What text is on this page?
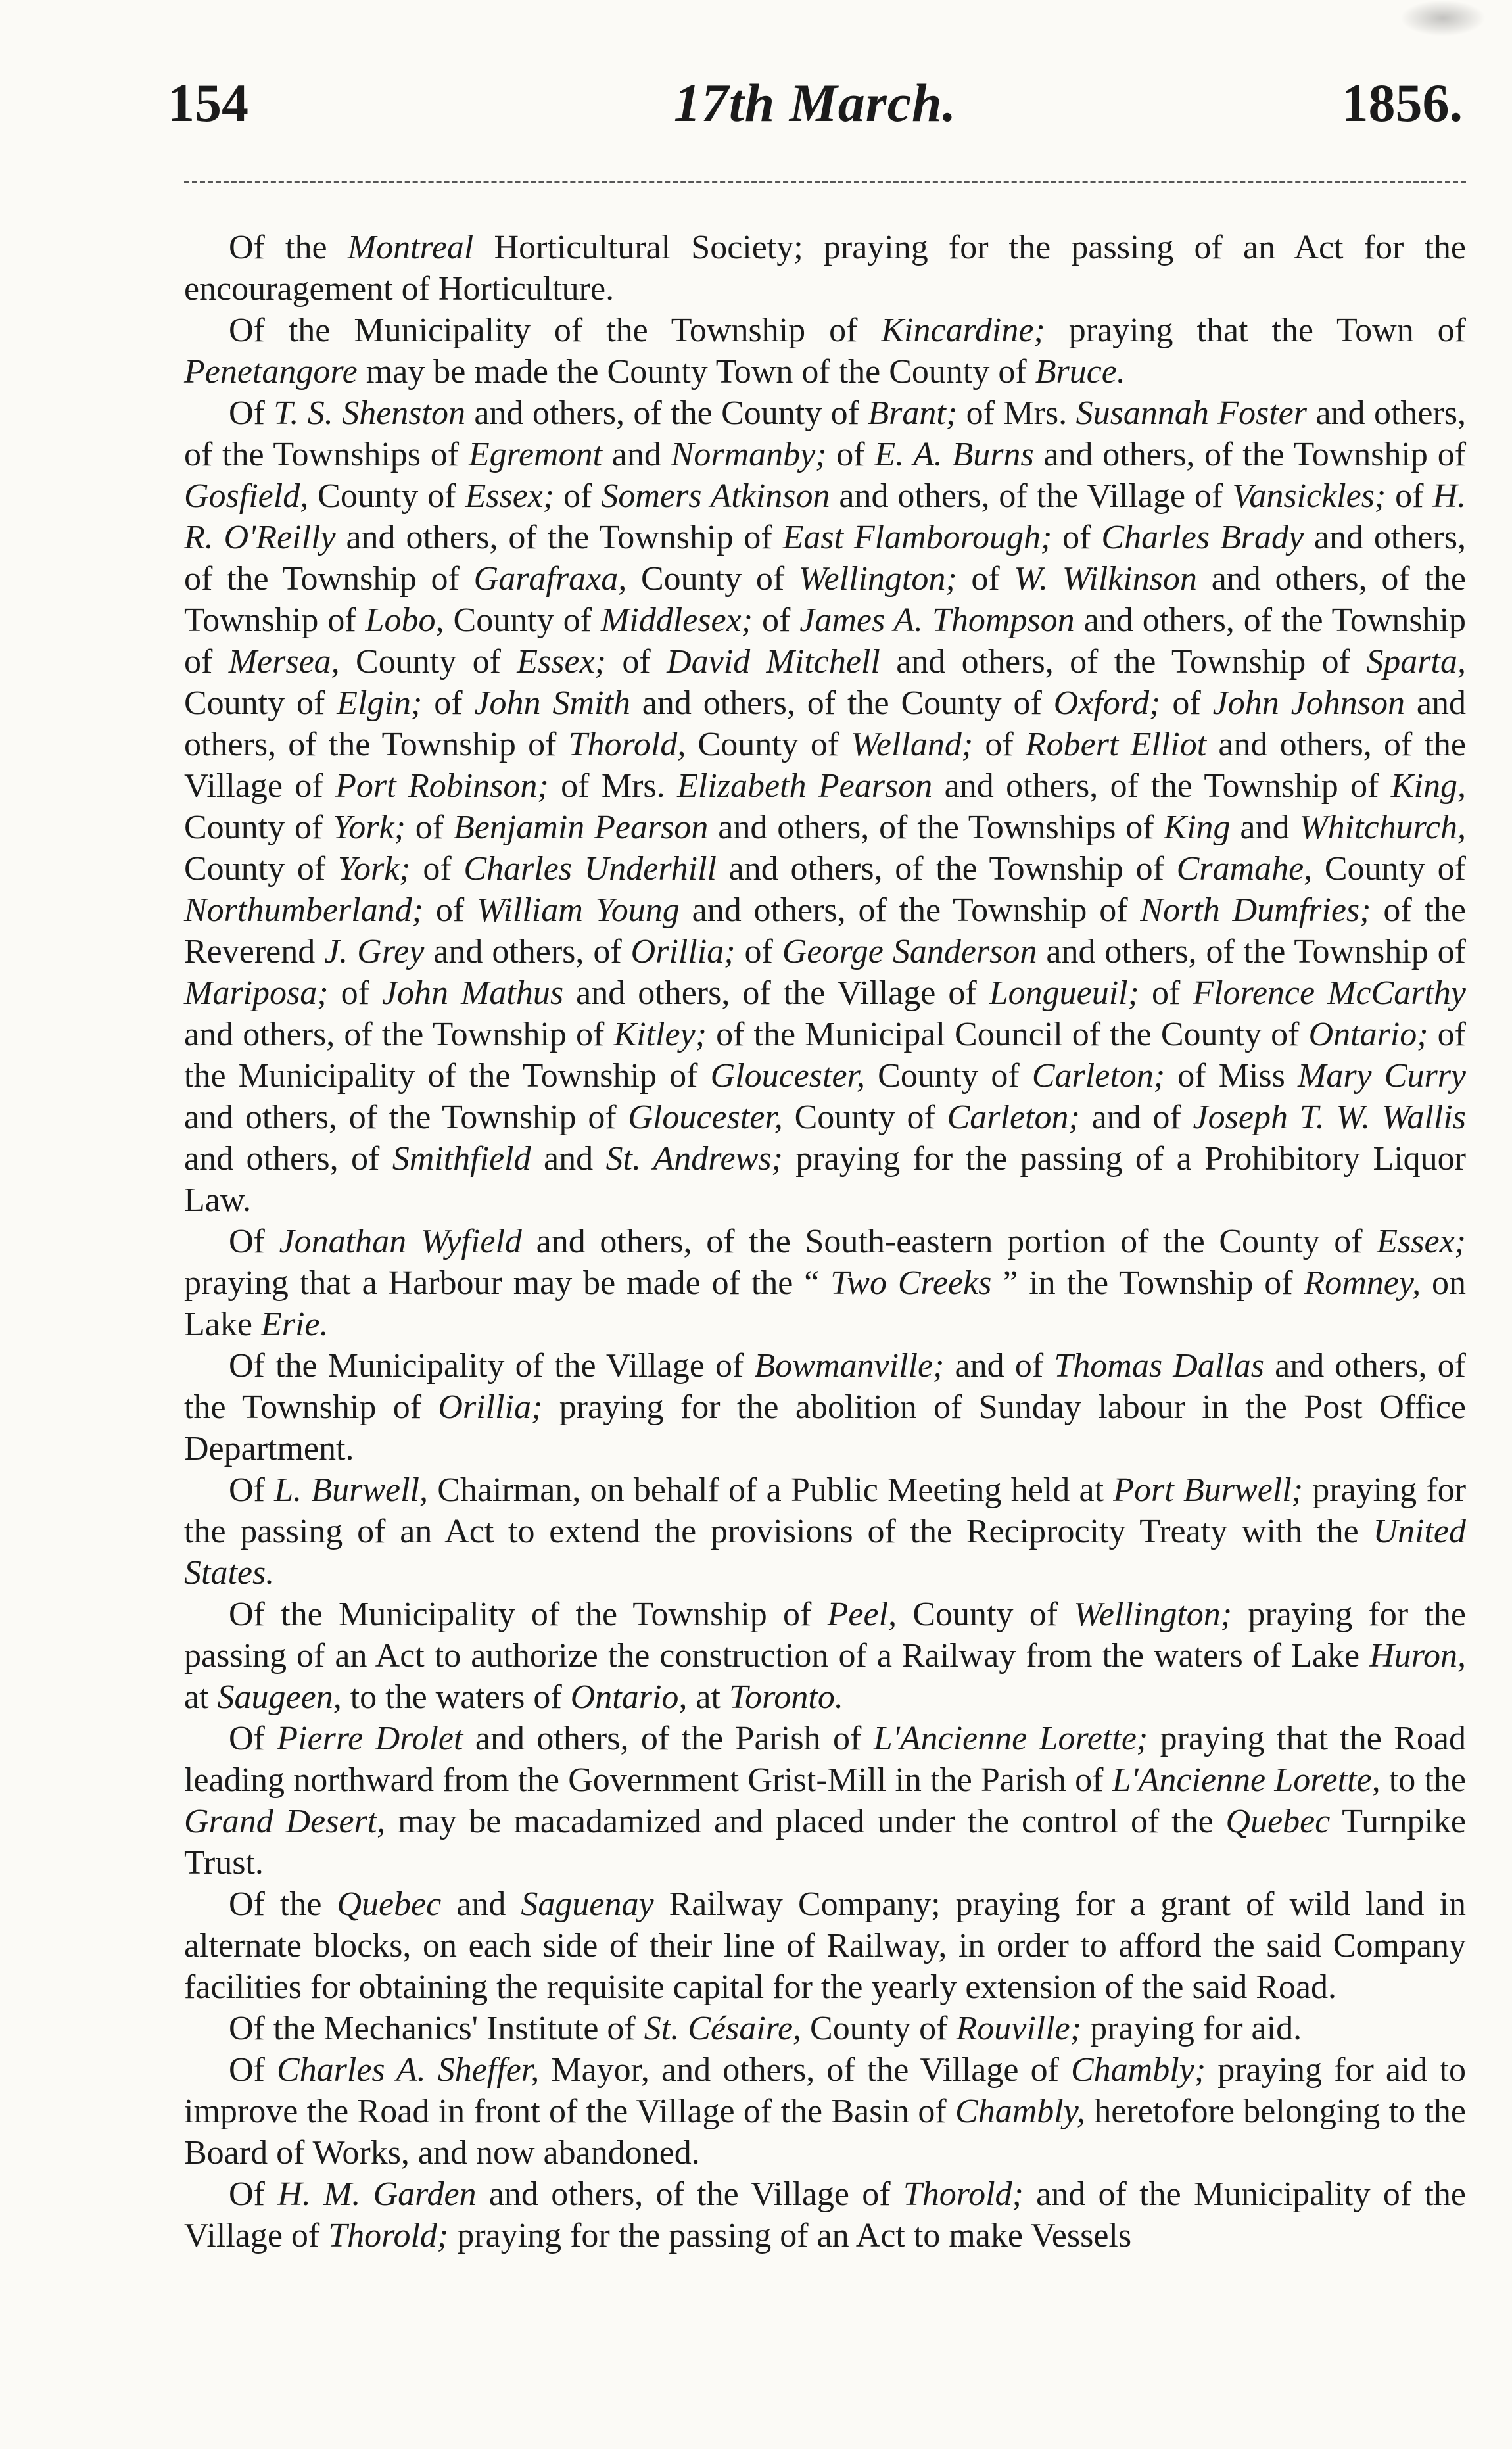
154	17th March.	1856.

Of the Montreal Horticultural Society; praying for the passing of an Act for the encouragement of Horticulture.

Of the Municipality of the Township of Kincardine; praying that the Town of Penetangore may be made the County Town of the County of Bruce.

Of T. S. Shenston and others, of the County of Brant; of Mrs. Susannah Foster and others, of the Townships of Egremont and Normanby; of E. A. Burns and others, of the Township of Gosfield, County of Essex; of Somers Atkinson and others, of the Village of Vansickles; of H. R. O'Reilly and others, of the Township of East Flamborough; of Charles Brady and others, of the Township of Garafraxa, County of Wellington; of W. Wilkinson and others, of the Township of Lobo, County of Middlesex; of James A. Thompson and others, of the Township of Mersea, County of Essex; of David Mitchell and others, of the Township of Sparta, County of Elgin; of John Smith and others, of the County of Oxford; of John Johnson and others, of the Township of Thorold, County of Welland; of Robert Elliot and others, of the Village of Port Robinson; of Mrs. Elizabeth Pearson and others, of the Township of King, County of York; of Benjamin Pearson and others, of the Townships of King and Whitchurch, County of York; of Charles Underhill and others, of the Township of Cramahe, County of Northumberland; of William Young and others, of the Township of North Dumfries; of the Reverend J. Grey and others, of Orillia; of George Sanderson and others, of the Township of Mariposa; of John Mathus and others, of the Village of Longueuil; of Florence McCarthy and others, of the Township of Kitley; of the Municipal Council of the County of Ontario; of the Municipality of the Township of Gloucester, County of Carleton; of Miss Mary Curry and others, of the Township of Gloucester, County of Carleton; and of Joseph T. W. Wallis and others, of Smithfield and St. Andrews; praying for the passing of a Prohibitory Liquor Law.

Of Jonathan Wyfield and others, of the South-eastern portion of the County of Essex; praying that a Harbour may be made of the “ Two Creeks ” in the Township of Romney, on Lake Erie.

Of the Municipality of the Village of Bowmanville; and of Thomas Dallas and others, of the Township of Orillia; praying for the abolition of Sunday labour in the Post Office Department.

Of L. Burwell, Chairman, on behalf of a Public Meeting held at Port Burwell; praying for the passing of an Act to extend the provisions of the Reciprocity Treaty with the United States.

Of the Municipality of the Township of Peel, County of Wellington; praying for the passing of an Act to authorize the construction of a Railway from the waters of Lake Huron, at Saugeen, to the waters of Ontario, at Toronto.

Of Pierre Drolet and others, of the Parish of L'Ancienne Lorette; praying that the Road leading northward from the Government Grist-Mill in the Parish of L'Ancienne Lorette, to the Grand Desert, may be macadamized and placed under the control of the Quebec Turnpike Trust.

Of the Quebec and Saguenay Railway Company; praying for a grant of wild land in alternate blocks, on each side of their line of Railway, in order to afford the said Company facilities for obtaining the requisite capital for the yearly extension of the said Road.

Of the Mechanics' Institute of St. Césaire, County of Rouville; praying for aid.

Of Charles A. Sheffer, Mayor, and others, of the Village of Chambly; praying for aid to improve the Road in front of the Village of the Basin of Chambly, heretofore belonging to the Board of Works, and now abandoned.

Of H. M. Garden and others, of the Village of Thorold; and of the Municipality of the Village of Thorold; praying for the passing of an Act to make Vessels
